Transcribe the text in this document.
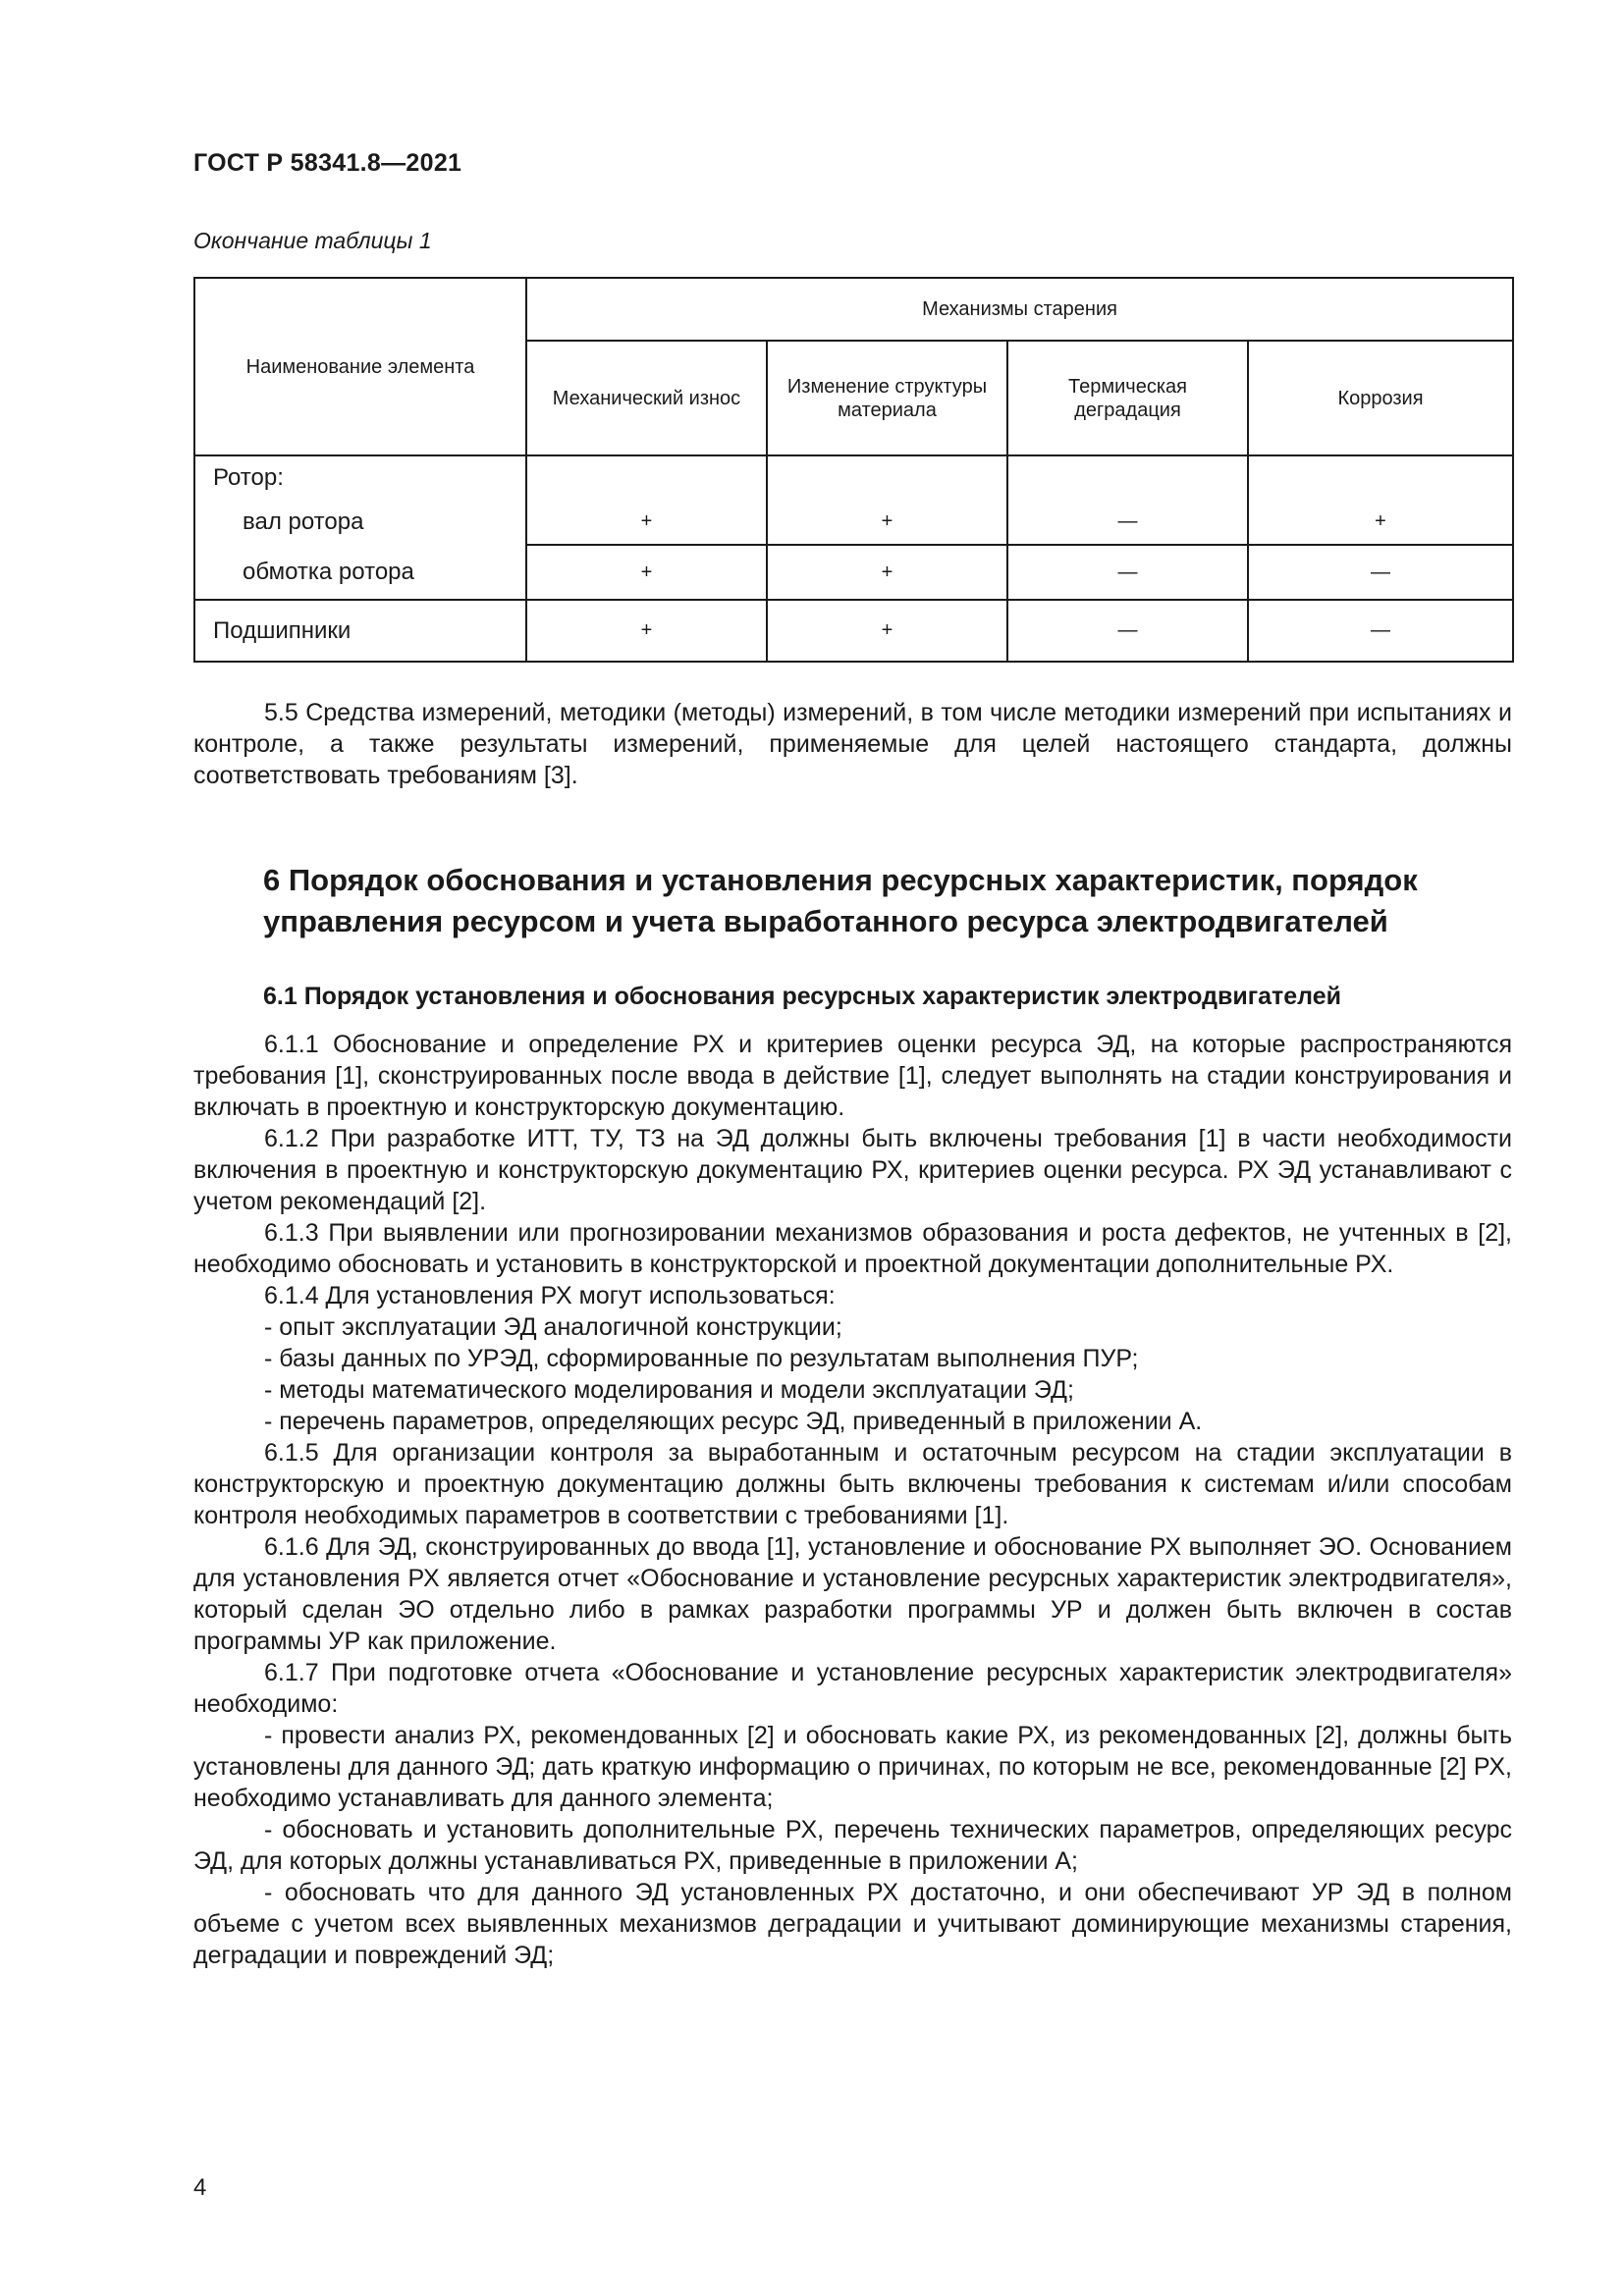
ГОСТ Р 58341.8—2021
Окончание таблицы 1
Наименование элемента	Механизмы старения			
	Механический износ	Изменение структуры материала	Термическая деградация	Коррозия
Ротор:				
вал ротора	+	+	—	+
обмотка ротора	+	+	—	—
Подшипники	+	+	—	—

5.5 Средства измерений, методики (методы) измерений, в том числе методики измерений при испытаниях и контроле, а также результаты измерений, применяемые для целей настоящего стандарта, должны соответствовать требованиям [3].

6 Порядок обоснования и установления ресурсных характеристик, порядок управления ресурсом и учета выработанного ресурса электродвигателей
6.1 Порядок установления и обоснования ресурсных характеристик электродвигателей

6.1.1 Обоснование и определение РХ и критериев оценки ресурса ЭД, на которые распространяются требования [1], сконструированных после ввода в действие [1], следует выполнять на стадии конструирования и включать в проектную и конструкторскую документацию.

6.1.2 При разработке ИТТ, ТУ, ТЗ на ЭД должны быть включены требования [1] в части необходимости включения в проектную и конструкторскую документацию РХ, критериев оценки ресурса. РХ ЭД устанавливают с учетом рекомендаций [2].

6.1.3 При выявлении или прогнозировании механизмов образования и роста дефектов, не учтенных в [2], необходимо обосновать и установить в конструкторской и проектной документации дополнительные РХ.

6.1.4 Для установления РХ могут использоваться:

- опыт эксплуатации ЭД аналогичной конструкции;

- базы данных по УРЭД, сформированные по результатам выполнения ПУР;

- методы математического моделирования и модели эксплуатации ЭД;

- перечень параметров, определяющих ресурс ЭД, приведенный в приложении А.

6.1.5 Для организации контроля за выработанным и остаточным ресурсом на стадии эксплуатации в конструкторскую и проектную документацию должны быть включены требования к системам и/или способам контроля необходимых параметров в соответствии с требованиями [1].

6.1.6 Для ЭД, сконструированных до ввода [1], установление и обоснование РХ выполняет ЭО. Основанием для установления РХ является отчет «Обоснование и установление ресурсных характеристик электродвигателя», который сделан ЭО отдельно либо в рамках разработки программы УР и должен быть включен в состав программы УР как приложение.

6.1.7 При подготовке отчета «Обоснование и установление ресурсных характеристик электродвигателя» необходимо:

- провести анализ РХ, рекомендованных [2] и обосновать какие РХ, из рекомендованных [2], должны быть установлены для данного ЭД; дать краткую информацию о причинах, по которым не все, рекомендованные [2] РХ, необходимо устанавливать для данного элемента;

- обосновать и установить дополнительные РХ, перечень технических параметров, определяющих ресурс ЭД, для которых должны устанавливаться РХ, приведенные в приложении А;

- обосновать что для данного ЭД установленных РХ достаточно, и они обеспечивают УР ЭД в полном объеме с учетом всех выявленных механизмов деградации и учитывают доминирующие механизмы старения, деградации и повреждений ЭД;

4
